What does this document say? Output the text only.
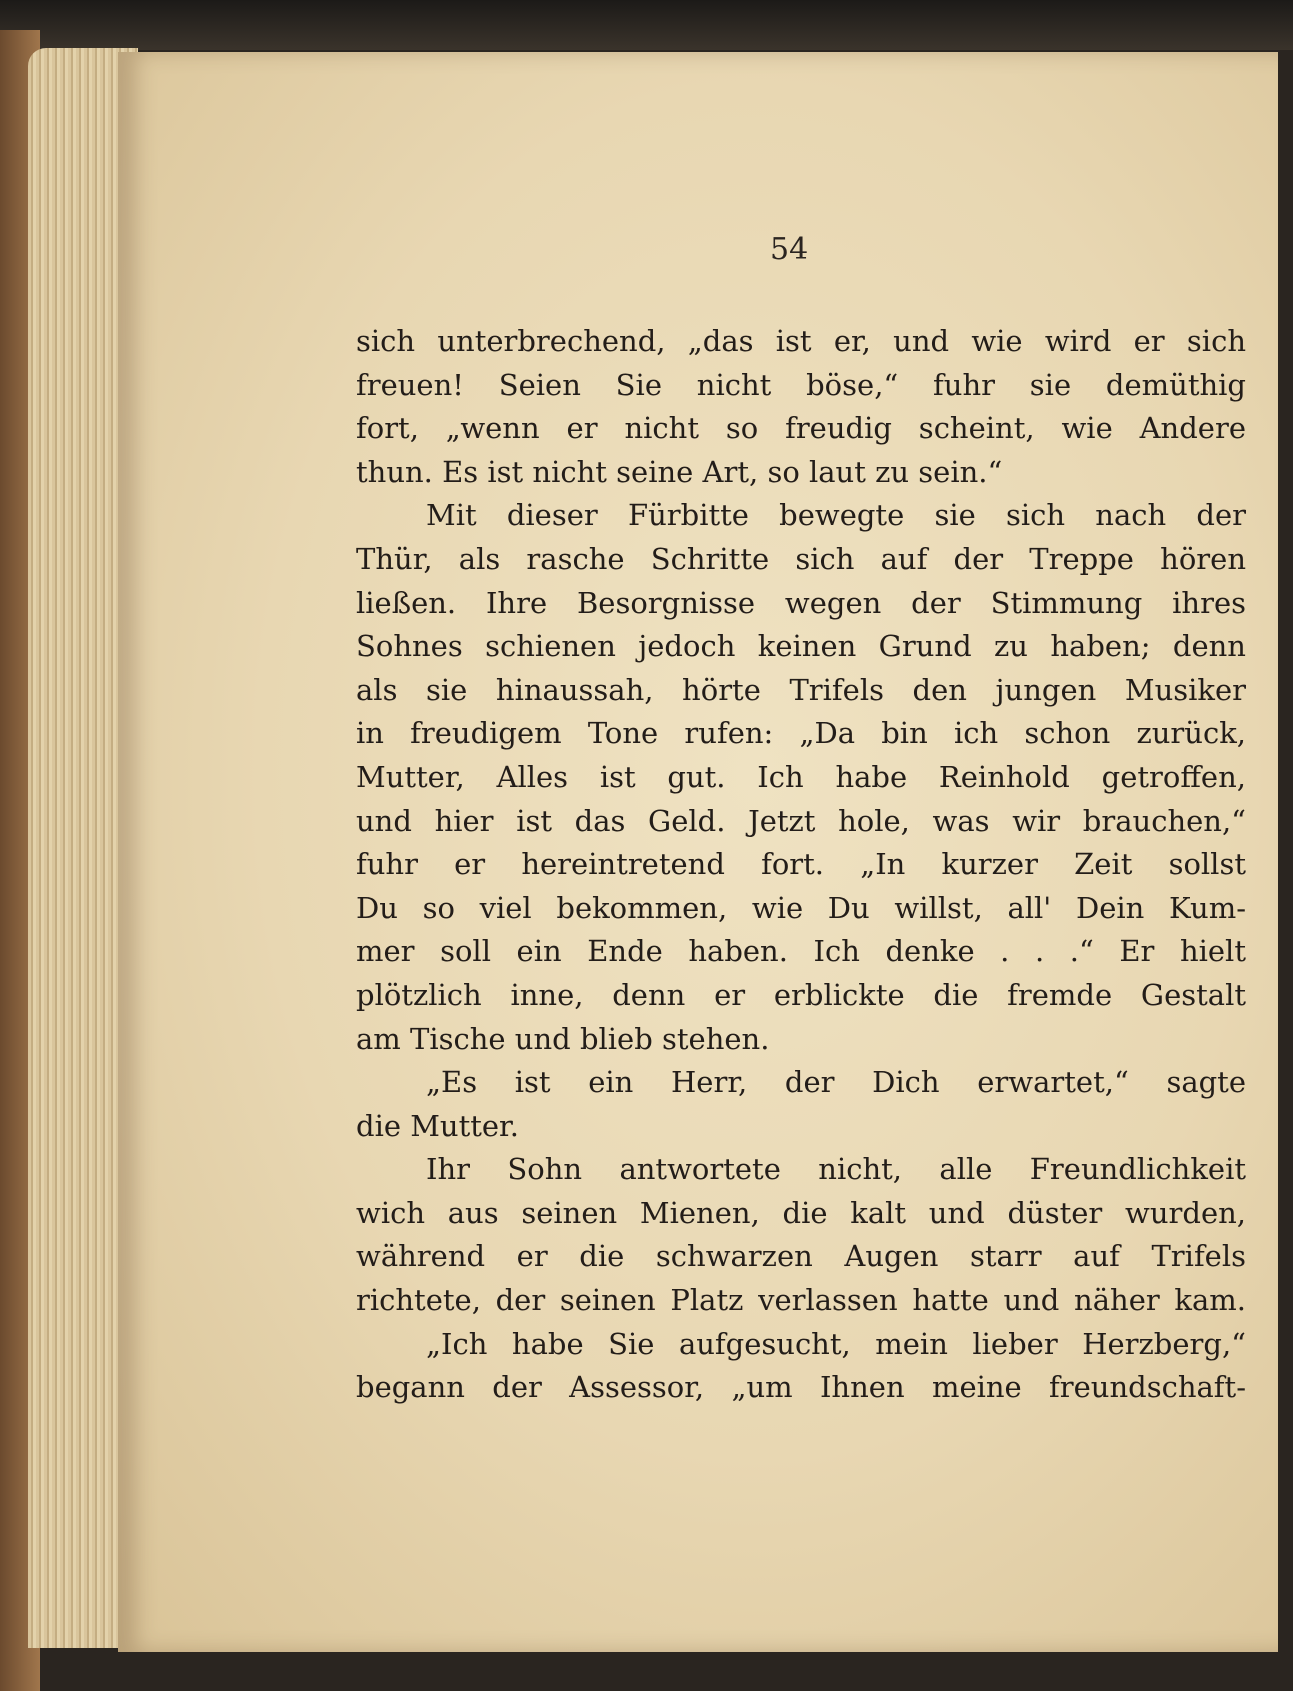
54
sich unterbrechend, „das ist er, und wie wird er sich
freuen! Seien Sie nicht böse,“ fuhr sie demüthig
fort, „wenn er nicht so freudig scheint, wie Andere
thun. Es ist nicht seine Art, so laut zu sein.“
Mit dieser Fürbitte bewegte sie sich nach der
Thür, als rasche Schritte sich auf der Treppe hören
ließen. Ihre Besorgnisse wegen der Stimmung ihres
Sohnes schienen jedoch keinen Grund zu haben; denn
als sie hinaussah, hörte Trifels den jungen Musiker
in freudigem Tone rufen: „Da bin ich schon zurück,
Mutter, Alles ist gut. Ich habe Reinhold getroffen,
und hier ist das Geld. Jetzt hole, was wir brauchen,“
fuhr er hereintretend fort. „In kurzer Zeit sollst
Du so viel bekommen, wie Du willst, all' Dein Kum-
mer soll ein Ende haben. Ich denke . . .“ Er hielt
plötzlich inne, denn er erblickte die fremde Gestalt
am Tische und blieb stehen.
„Es ist ein Herr, der Dich erwartet,“ sagte
die Mutter.
Ihr Sohn antwortete nicht, alle Freundlichkeit
wich aus seinen Mienen, die kalt und düster wurden,
während er die schwarzen Augen starr auf Trifels
richtete, der seinen Platz verlassen hatte und näher kam.
„Ich habe Sie aufgesucht, mein lieber Herzberg,“
begann der Assessor, „um Ihnen meine freundschaft-
